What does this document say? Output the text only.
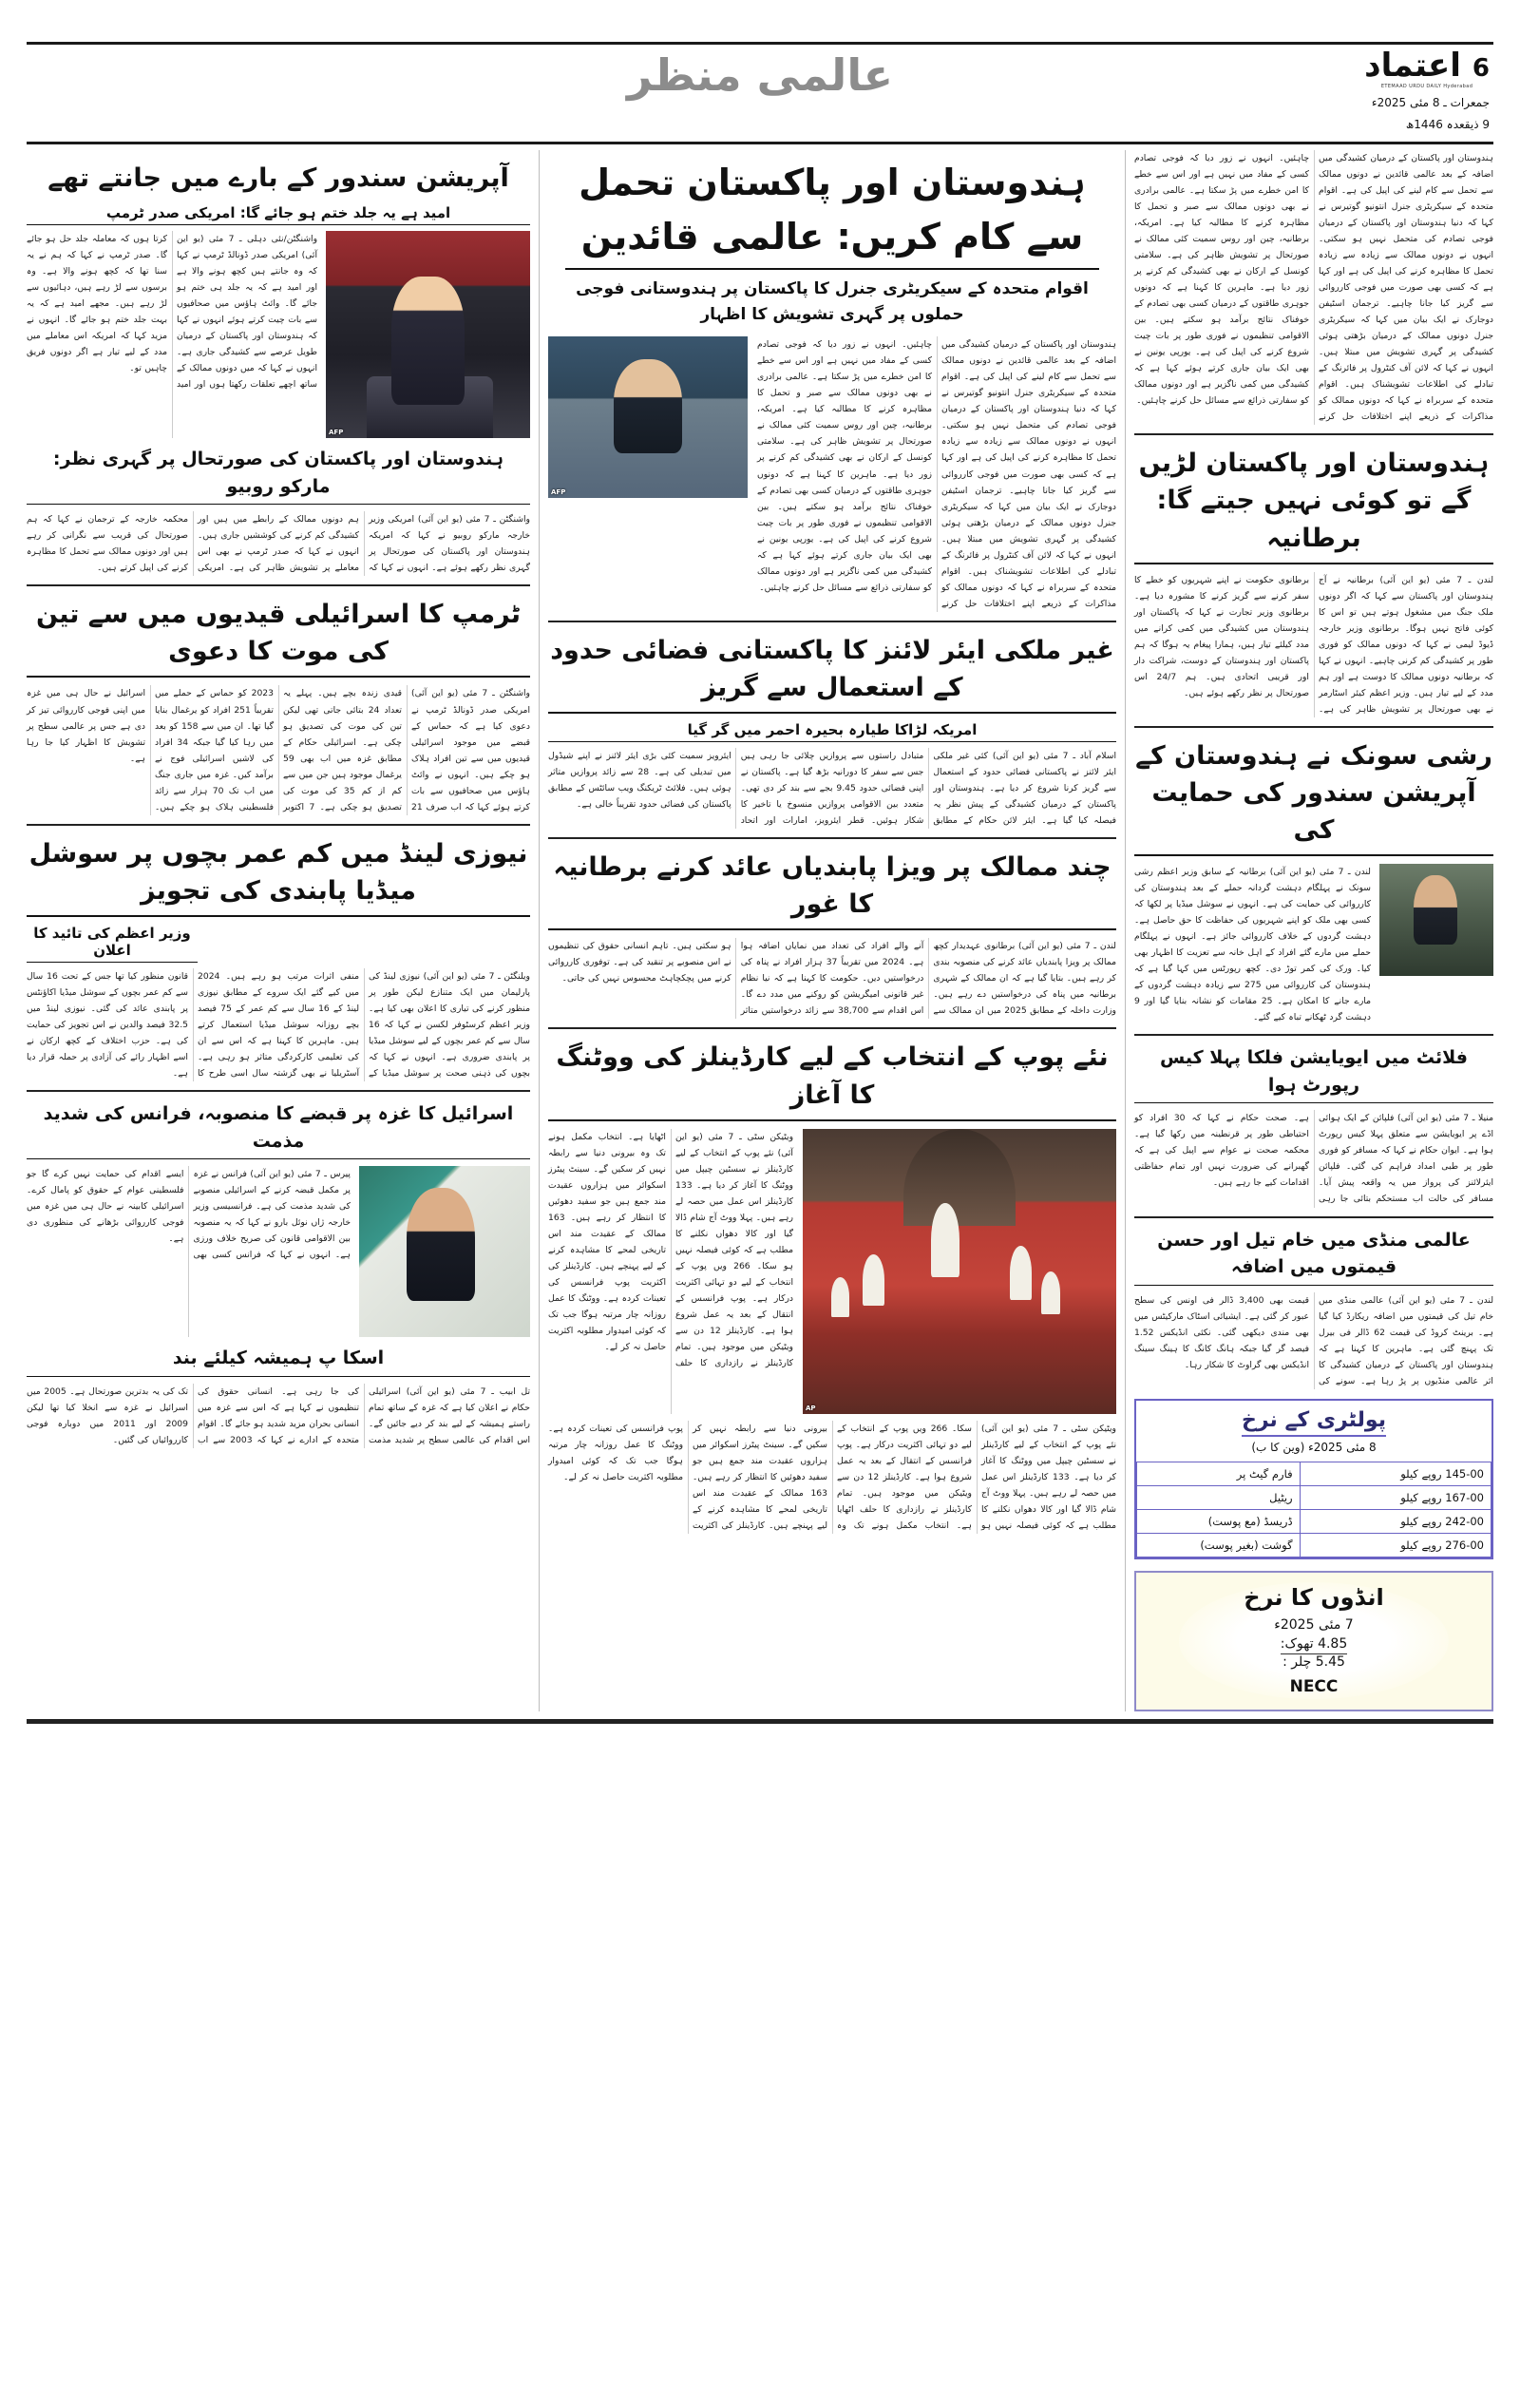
عالمی منظر	اعتماد 6
ETEMAAD URDU DAILY Hyderabad
جمعرات ـ 8 مئی 2025ء
9 ذیقعدہ 1446ھ
ہندوستان اور پاکستان کے درمیان کشیدگی میں اضافہ کے بعد عالمی قائدین نے دونوں ممالک سے تحمل سے کام لینے کی اپیل کی ہے۔ اقوام متحدہ کے سیکریٹری جنرل انتونیو گوتیرس نے کہا کہ دنیا ہندوستان اور پاکستان کے درمیان فوجی تصادم کی متحمل نہیں ہو سکتی۔ انہوں نے دونوں ممالک سے زیادہ سے زیادہ تحمل کا مظاہرہ کرنے کی اپیل کی ہے اور کہا ہے کہ کسی بھی صورت میں فوجی کارروائی سے گریز کیا جانا چاہیے۔ ترجمان اسٹیفن دوجارک نے ایک بیان میں کہا کہ سیکریٹری جنرل دونوں ممالک کے درمیان بڑھتی ہوئی کشیدگی پر گہری تشویش میں مبتلا ہیں۔ انہوں نے کہا کہ لائن آف کنٹرول پر فائرنگ کے تبادلے کی اطلاعات تشویشناک ہیں۔ اقوام متحدہ کے سربراہ نے کہا کہ دونوں ممالک کو مذاکرات کے ذریعے اپنے اختلافات حل کرنے چاہئیں۔ انہوں نے زور دیا کہ فوجی تصادم کسی کے مفاد میں نہیں ہے اور اس سے خطے کا امن خطرے میں پڑ سکتا ہے۔ عالمی برادری نے بھی دونوں ممالک سے صبر و تحمل کا مظاہرہ کرنے کا مطالبہ کیا ہے۔ امریکہ، برطانیہ، چین اور روس سمیت کئی ممالک نے صورتحال پر تشویش ظاہر کی ہے۔ سلامتی کونسل کے ارکان نے بھی کشیدگی کم کرنے پر زور دیا ہے۔ ماہرین کا کہنا ہے کہ دونوں جوہری طاقتوں کے درمیان کسی بھی تصادم کے خوفناک نتائج برآمد ہو سکتے ہیں۔ بین الاقوامی تنظیموں نے فوری طور پر بات چیت شروع کرنے کی اپیل کی ہے۔ یورپی یونین نے بھی ایک بیان جاری کرتے ہوئے کہا ہے کہ کشیدگی میں کمی ناگزیر ہے اور دونوں ممالک کو سفارتی ذرائع سے مسائل حل کرنے چاہئیں۔
ہندوستان اور پاکستان لڑیں گے تو کوئی نہیں جیتے گا: برطانیہ
لندن ـ 7 مئی (یو این آئی) برطانیہ نے آج ہندوستان اور پاکستان سے کہا کہ اگر دونوں ملک جنگ میں مشغول ہوتے ہیں تو اس کا کوئی فاتح نہیں ہوگا۔ برطانوی وزیر خارجہ ڈیوڈ لیمی نے کہا کہ دونوں ممالک کو فوری طور پر کشیدگی کم کرنی چاہیے۔ انہوں نے کہا کہ برطانیہ دونوں ممالک کا دوست ہے اور ہم مدد کے لیے تیار ہیں۔ وزیر اعظم کیئر اسٹارمر نے بھی صورتحال پر تشویش ظاہر کی ہے۔ برطانوی حکومت نے اپنے شہریوں کو خطے کا سفر کرنے سے گریز کرنے کا مشورہ دیا ہے۔ برطانوی وزیر تجارت نے کہا کہ پاکستان اور ہندوستان میں کشیدگی میں کمی کرانے میں مدد کیلئے تیار ہیں، ہمارا پیغام یہ ہوگا کہ ہم پاکستان اور ہندوستان کے دوست، شراکت دار اور قریبی اتحادی ہیں۔ ہم 24/7 اس صورتحال پر نظر رکھے ہوئے ہیں۔
رشی سونک نے ہندوستان کے آپریشن سندور کی حمایت کی
لندن ـ 7 مئی (یو این آئی) برطانیہ کے سابق وزیر اعظم رشی سونک نے پہلگام دہشت گردانہ حملے کے بعد ہندوستان کی کارروائی کی حمایت کی ہے۔ انہوں نے سوشل میڈیا پر لکھا کہ کسی بھی ملک کو اپنے شہریوں کی حفاظت کا حق حاصل ہے۔ دہشت گردوں کے خلاف کارروائی جائز ہے۔ انہوں نے پہلگام حملے میں مارے گئے افراد کے اہل خانہ سے تعزیت کا اظہار بھی کیا۔ ورک کی کمر توڑ دی۔ کچھ رپورٹس میں کہا گیا ہے کہ ہندوستان کی کارروائی میں 275 سے زیادہ دہشت گردوں کے مارے جانے کا امکان ہے۔ 25 مقامات کو نشانہ بنایا گیا اور 9 دہشت گرد ٹھکانے تباہ کیے گئے۔
فلائٹ میں ایویایشن فلکا پہلا کیس رپورٹ ہوا
منیلا ـ 7 مئی (یو این آئی) فلپائن کے ایک ہوائی اڈے پر ایویایشن سے متعلق پہلا کیس رپورٹ ہوا ہے۔ ایوان حکام نے کہا کہ مسافر کو فوری طور پر طبی امداد فراہم کی گئی۔ فلپائن ایئرلائنز کی پرواز میں یہ واقعہ پیش آیا۔ مسافر کی حالت اب مستحکم بتائی جا رہی ہے۔ صحت حکام نے کہا کہ 30 افراد کو احتیاطی طور پر قرنطینہ میں رکھا گیا ہے۔ محکمہ صحت نے عوام سے اپیل کی ہے کہ گھبرانے کی ضرورت نہیں اور تمام حفاظتی اقدامات کیے جا رہے ہیں۔
عالمی منڈی میں خام تیل اور حسن قیمتوں میں اضافہ
لندن ـ 7 مئی (یو این آئی) عالمی منڈی میں خام تیل کی قیمتوں میں اضافہ ریکارڈ کیا گیا ہے۔ برینٹ کروڈ کی قیمت 62 ڈالر فی بیرل تک پہنچ گئی ہے۔ ماہرین کا کہنا ہے کہ ہندوستان اور پاکستان کے درمیان کشیدگی کا اثر عالمی منڈیوں پر پڑ رہا ہے۔ سونے کی قیمت بھی 3,400 ڈالر فی اونس کی سطح عبور کر گئی ہے۔ ایشیائی اسٹاک مارکیٹس میں بھی مندی دیکھی گئی۔ نکئی انڈیکس 1.52 فیصد گر گیا جبکہ ہانگ کانگ کا ہینگ سینگ انڈیکس بھی گراوٹ کا شکار رہا۔
پولٹری کے نرخ
8 مئی 2025ء (وین کا ب)
145-00 روپے کیلو	فارم گیٹ پر
167-00 روپے کیلو	ریٹیل
242-00 روپے کیلو	ڈریسڈ (مع پوست)
276-00 روپے کیلو	گوشت (بغیر پوست)
انڈوں کا نرخ
7 مئی 2025ء
4.85 تھوک:
5.45 چلر :
NECC
ہندوستان اور پاکستان تحمل سے کام کریں: عالمی قائدین
اقوام متحدہ کے سیکریٹری جنرل کا پاکستان پر ہندوستانی فوجی حملوں پر گہری تشویش کا اظہار
ہندوستان اور پاکستان کے درمیان کشیدگی میں اضافہ کے بعد عالمی قائدین نے دونوں ممالک سے تحمل سے کام لینے کی اپیل کی ہے۔ اقوام متحدہ کے سیکریٹری جنرل انتونیو گوتیرس نے کہا کہ دنیا ہندوستان اور پاکستان کے درمیان فوجی تصادم کی متحمل نہیں ہو سکتی۔ انہوں نے دونوں ممالک سے زیادہ سے زیادہ تحمل کا مظاہرہ کرنے کی اپیل کی ہے اور کہا ہے کہ کسی بھی صورت میں فوجی کارروائی سے گریز کیا جانا چاہیے۔ ترجمان اسٹیفن دوجارک نے ایک بیان میں کہا کہ سیکریٹری جنرل دونوں ممالک کے درمیان بڑھتی ہوئی کشیدگی پر گہری تشویش میں مبتلا ہیں۔ انہوں نے کہا کہ لائن آف کنٹرول پر فائرنگ کے تبادلے کی اطلاعات تشویشناک ہیں۔ اقوام متحدہ کے سربراہ نے کہا کہ دونوں ممالک کو مذاکرات کے ذریعے اپنے اختلافات حل کرنے چاہئیں۔ انہوں نے زور دیا کہ فوجی تصادم کسی کے مفاد میں نہیں ہے اور اس سے خطے کا امن خطرے میں پڑ سکتا ہے۔ عالمی برادری نے بھی دونوں ممالک سے صبر و تحمل کا مظاہرہ کرنے کا مطالبہ کیا ہے۔ امریکہ، برطانیہ، چین اور روس سمیت کئی ممالک نے صورتحال پر تشویش ظاہر کی ہے۔ سلامتی کونسل کے ارکان نے بھی کشیدگی کم کرنے پر زور دیا ہے۔ ماہرین کا کہنا ہے کہ دونوں جوہری طاقتوں کے درمیان کسی بھی تصادم کے خوفناک نتائج برآمد ہو سکتے ہیں۔ بین الاقوامی تنظیموں نے فوری طور پر بات چیت شروع کرنے کی اپیل کی ہے۔ یورپی یونین نے بھی ایک بیان جاری کرتے ہوئے کہا ہے کہ کشیدگی میں کمی ناگزیر ہے اور دونوں ممالک کو سفارتی ذرائع سے مسائل حل کرنے چاہئیں۔
AFP
غیر ملکی ایئر لائنز کا پاکستانی فضائی حدود کے استعمال سے گریز
امریکہ لڑاکا طیارہ بحیرہ احمر میں گر گیا
اسلام آباد ـ 7 مئی (یو این آئی) کئی غیر ملکی ایئر لائنز نے پاکستانی فضائی حدود کے استعمال سے گریز کرنا شروع کر دیا ہے۔ ہندوستان اور پاکستان کے درمیان کشیدگی کے پیش نظر یہ فیصلہ کیا گیا ہے۔ ایئر لائن حکام کے مطابق متبادل راستوں سے پروازیں چلائی جا رہی ہیں جس سے سفر کا دورانیہ بڑھ گیا ہے۔ پاکستان نے اپنی فضائی حدود 9.45 بجے سے بند کر دی تھی۔ متعدد بین الاقوامی پروازیں منسوخ یا تاخیر کا شکار ہوئیں۔ قطر ایئرویز، امارات اور اتحاد ایئرویز سمیت کئی بڑی ایئر لائنز نے اپنے شیڈول میں تبدیلی کی ہے۔ 28 سے زائد پروازیں متاثر ہوئی ہیں۔ فلائٹ ٹریکنگ ویب سائٹس کے مطابق پاکستان کی فضائی حدود تقریباً خالی ہے۔
چند ممالک پر ویزا پابندیاں عائد کرنے برطانیہ کا غور
لندن ـ 7 مئی (یو این آئی) برطانوی عہدیدار کچھ ممالک پر ویزا پابندیاں عائد کرنے کی منصوبہ بندی کر رہے ہیں۔ بتایا گیا ہے کہ ان ممالک کے شہری برطانیہ میں پناہ کی درخواستیں دے رہے ہیں۔ وزارت داخلہ کے مطابق 2025 میں ان ممالک سے آنے والے افراد کی تعداد میں نمایاں اضافہ ہوا ہے۔ 2024 میں تقریباً 37 ہزار افراد نے پناہ کی درخواستیں دیں۔ حکومت کا کہنا ہے کہ نیا نظام غیر قانونی امیگریشن کو روکنے میں مدد دے گا۔ اس اقدام سے 38,700 سے زائد درخواستیں متاثر ہو سکتی ہیں۔ تاہم انسانی حقوق کی تنظیموں نے اس منصوبے پر تنقید کی ہے۔ توفوری کارروائی کرنے میں پچکچاہٹ محسوس نہیں کی جاتی۔
نئے پوپ کے انتخاب کے لیے کارڈینلز کی ووٹنگ کا آغاز
AP
ویٹیکن سٹی ـ 7 مئی (یو این آئی) نئے پوپ کے انتخاب کے لیے کارڈینلز نے سسٹین چیپل میں ووٹنگ کا آغاز کر دیا ہے۔ 133 کارڈینلز اس عمل میں حصہ لے رہے ہیں۔ پہلا ووٹ آج شام ڈالا گیا اور کالا دھواں نکلنے کا مطلب ہے کہ کوئی فیصلہ نہیں ہو سکا۔ 266 ویں پوپ کے انتخاب کے لیے دو تہائی اکثریت درکار ہے۔ پوپ فرانسس کے انتقال کے بعد یہ عمل شروع ہوا ہے۔ کارڈینلز 12 دن سے ویٹیکن میں موجود ہیں۔ تمام کارڈینلز نے رازداری کا حلف اٹھایا ہے۔ انتخاب مکمل ہونے تک وہ بیرونی دنیا سے رابطہ نہیں کر سکیں گے۔ سینٹ پیٹرز اسکوائر میں ہزاروں عقیدت مند جمع ہیں جو سفید دھوئیں کا انتظار کر رہے ہیں۔ 163 ممالک کے عقیدت مند اس تاریخی لمحے کا مشاہدہ کرنے کے لیے پہنچے ہیں۔ کارڈینلز کی اکثریت پوپ فرانسس کی تعینات کردہ ہے۔ ووٹنگ کا عمل روزانہ چار مرتبہ ہوگا جب تک کہ کوئی امیدوار مطلوبہ اکثریت حاصل نہ کر لے۔
ویٹیکن سٹی ـ 7 مئی (یو این آئی) نئے پوپ کے انتخاب کے لیے کارڈینلز نے سسٹین چیپل میں ووٹنگ کا آغاز کر دیا ہے۔ 133 کارڈینلز اس عمل میں حصہ لے رہے ہیں۔ پہلا ووٹ آج شام ڈالا گیا اور کالا دھواں نکلنے کا مطلب ہے کہ کوئی فیصلہ نہیں ہو سکا۔ 266 ویں پوپ کے انتخاب کے لیے دو تہائی اکثریت درکار ہے۔ پوپ فرانسس کے انتقال کے بعد یہ عمل شروع ہوا ہے۔ کارڈینلز 12 دن سے ویٹیکن میں موجود ہیں۔ تمام کارڈینلز نے رازداری کا حلف اٹھایا ہے۔ انتخاب مکمل ہونے تک وہ بیرونی دنیا سے رابطہ نہیں کر سکیں گے۔ سینٹ پیٹرز اسکوائر میں ہزاروں عقیدت مند جمع ہیں جو سفید دھوئیں کا انتظار کر رہے ہیں۔ 163 ممالک کے عقیدت مند اس تاریخی لمحے کا مشاہدہ کرنے کے لیے پہنچے ہیں۔ کارڈینلز کی اکثریت پوپ فرانسس کی تعینات کردہ ہے۔ ووٹنگ کا عمل روزانہ چار مرتبہ ہوگا جب تک کہ کوئی امیدوار مطلوبہ اکثریت حاصل نہ کر لے۔
آپریشن سندور کے بارے میں جانتے تھے
امید ہے یہ جلد ختم ہو جائے گا: امریکی صدر ٹرمپ
AFP
واشنگٹن/نئی دہلی ـ 7 مئی (یو این آئی) امریکی صدر ڈونالڈ ٹرمپ نے کہا کہ وہ جانتے ہیں کچھ ہونے والا ہے اور امید ہے کہ یہ جلد ہی ختم ہو جائے گا۔ وائٹ ہاؤس میں صحافیوں سے بات چیت کرتے ہوئے انہوں نے کہا کہ ہندوستان اور پاکستان کے درمیان طویل عرصے سے کشیدگی جاری ہے۔ انہوں نے کہا کہ میں دونوں ممالک کے ساتھ اچھے تعلقات رکھتا ہوں اور امید کرتا ہوں کہ معاملہ جلد حل ہو جائے گا۔ صدر ٹرمپ نے کہا کہ ہم نے یہ سنا تھا کہ کچھ ہونے والا ہے۔ وہ برسوں سے لڑ رہے ہیں، دہائیوں سے لڑ رہے ہیں۔ مجھے امید ہے کہ یہ بہت جلد ختم ہو جائے گا۔ انہوں نے مزید کہا کہ امریکہ اس معاملے میں مدد کے لیے تیار ہے اگر دونوں فریق چاہیں تو۔
ہندوستان اور پاکستان کی صورتحال پر گہری نظر: مارکو روبیو
واشنگٹن ـ 7 مئی (یو این آئی) امریکی وزیر خارجہ مارکو روبیو نے کہا کہ امریکہ ہندوستان اور پاکستان کی صورتحال پر گہری نظر رکھے ہوئے ہے۔ انہوں نے کہا کہ ہم دونوں ممالک کے رابطے میں ہیں اور کشیدگی کم کرنے کی کوششیں جاری ہیں۔ انہوں نے کہا کہ صدر ٹرمپ نے بھی اس معاملے پر تشویش ظاہر کی ہے۔ امریکی محکمہ خارجہ کے ترجمان نے کہا کہ ہم صورتحال کی قریب سے نگرانی کر رہے ہیں اور دونوں ممالک سے تحمل کا مظاہرہ کرنے کی اپیل کرتے ہیں۔
ٹرمپ کا اسرائیلی قیدیوں میں سے تین کی موت کا دعوی
واشنگٹن ـ 7 مئی (یو این آئی) امریکی صدر ڈونالڈ ٹرمپ نے دعوی کیا ہے کہ حماس کے قبضے میں موجود اسرائیلی قیدیوں میں سے تین افراد ہلاک ہو چکے ہیں۔ انہوں نے وائٹ ہاؤس میں صحافیوں سے بات کرتے ہوئے کہا کہ اب صرف 21 قیدی زندہ بچے ہیں۔ پہلے یہ تعداد 24 بتائی جاتی تھی لیکن تین کی موت کی تصدیق ہو چکی ہے۔ اسرائیلی حکام کے مطابق غزہ میں اب بھی 59 یرغمال موجود ہیں جن میں سے کم از کم 35 کی موت کی تصدیق ہو چکی ہے۔ 7 اکتوبر 2023 کو حماس کے حملے میں تقریباً 251 افراد کو یرغمال بنایا گیا تھا۔ ان میں سے 158 کو بعد میں رہا کیا گیا جبکہ 34 افراد کی لاشیں اسرائیلی فوج نے برآمد کیں۔ غزہ میں جاری جنگ میں اب تک 70 ہزار سے زائد فلسطینی ہلاک ہو چکے ہیں۔ اسرائیل نے حال ہی میں غزہ میں اپنی فوجی کارروائی تیز کر دی ہے جس پر عالمی سطح پر تشویش کا اظہار کیا جا رہا ہے۔
نیوزی لینڈ میں کم عمر بچوں پر سوشل میڈیا پابندی کی تجویز
وزیر اعظم کی تائید کا اعلان
ویلنگٹن ـ 7 مئی (یو این آئی) نیوزی لینڈ کی پارلیمان میں ایک متنازع لیکن طور پر منظور کرنے کی تیاری کا اعلان بھی کیا ہے۔ وزیر اعظم کرسٹوفر لکسن نے کہا کہ 16 سال سے کم عمر بچوں کے لیے سوشل میڈیا پر پابندی ضروری ہے۔ انہوں نے کہا کہ بچوں کی ذہنی صحت پر سوشل میڈیا کے منفی اثرات مرتب ہو رہے ہیں۔ 2024 میں کیے گئے ایک سروے کے مطابق نیوزی لینڈ کے 16 سال سے کم عمر کے 75 فیصد بچے روزانہ سوشل میڈیا استعمال کرتے ہیں۔ ماہرین کا کہنا ہے کہ اس سے ان کی تعلیمی کارکردگی متاثر ہو رہی ہے۔ آسٹریلیا نے بھی گزشتہ سال اسی طرح کا قانون منظور کیا تھا جس کے تحت 16 سال سے کم عمر بچوں کے سوشل میڈیا اکاؤنٹس پر پابندی عائد کی گئی۔ نیوزی لینڈ میں 32.5 فیصد والدین نے اس تجویز کی حمایت کی ہے۔ حزب اختلاف کے کچھ ارکان نے اسے اظہار رائے کی آزادی پر حملہ قرار دیا ہے۔
اسرائیل کا غزہ پر قبضے کا منصوبہ، فرانس کی شدید مذمت
پیرس ـ 7 مئی (یو این آئی) فرانس نے غزہ پر مکمل قبضہ کرنے کے اسرائیلی منصوبے کی شدید مذمت کی ہے۔ فرانسیسی وزیر خارجہ ژاں نوئل بارو نے کہا کہ یہ منصوبہ بین الاقوامی قانون کی صریح خلاف ورزی ہے۔ انہوں نے کہا کہ فرانس کسی بھی ایسے اقدام کی حمایت نہیں کرے گا جو فلسطینی عوام کے حقوق کو پامال کرے۔ اسرائیلی کابینہ نے حال ہی میں غزہ میں فوجی کارروائی بڑھانے کی منظوری دی ہے۔
اسکا پ ہمیشہ کیلئے بند
تل ابیب ـ 7 مئی (یو این آئی) اسرائیلی حکام نے اعلان کیا ہے کہ غزہ کے ساتھ تمام راستے ہمیشہ کے لیے بند کر دیے جائیں گے۔ اس اقدام کی عالمی سطح پر شدید مذمت کی جا رہی ہے۔ انسانی حقوق کی تنظیموں نے کہا ہے کہ اس سے غزہ میں انسانی بحران مزید شدید ہو جائے گا۔ اقوام متحدہ کے ادارے نے کہا کہ 2003 سے اب تک کی یہ بدترین صورتحال ہے۔ 2005 میں اسرائیل نے غزہ سے انخلا کیا تھا لیکن 2009 اور 2011 میں دوبارہ فوجی کارروائیاں کی گئیں۔
